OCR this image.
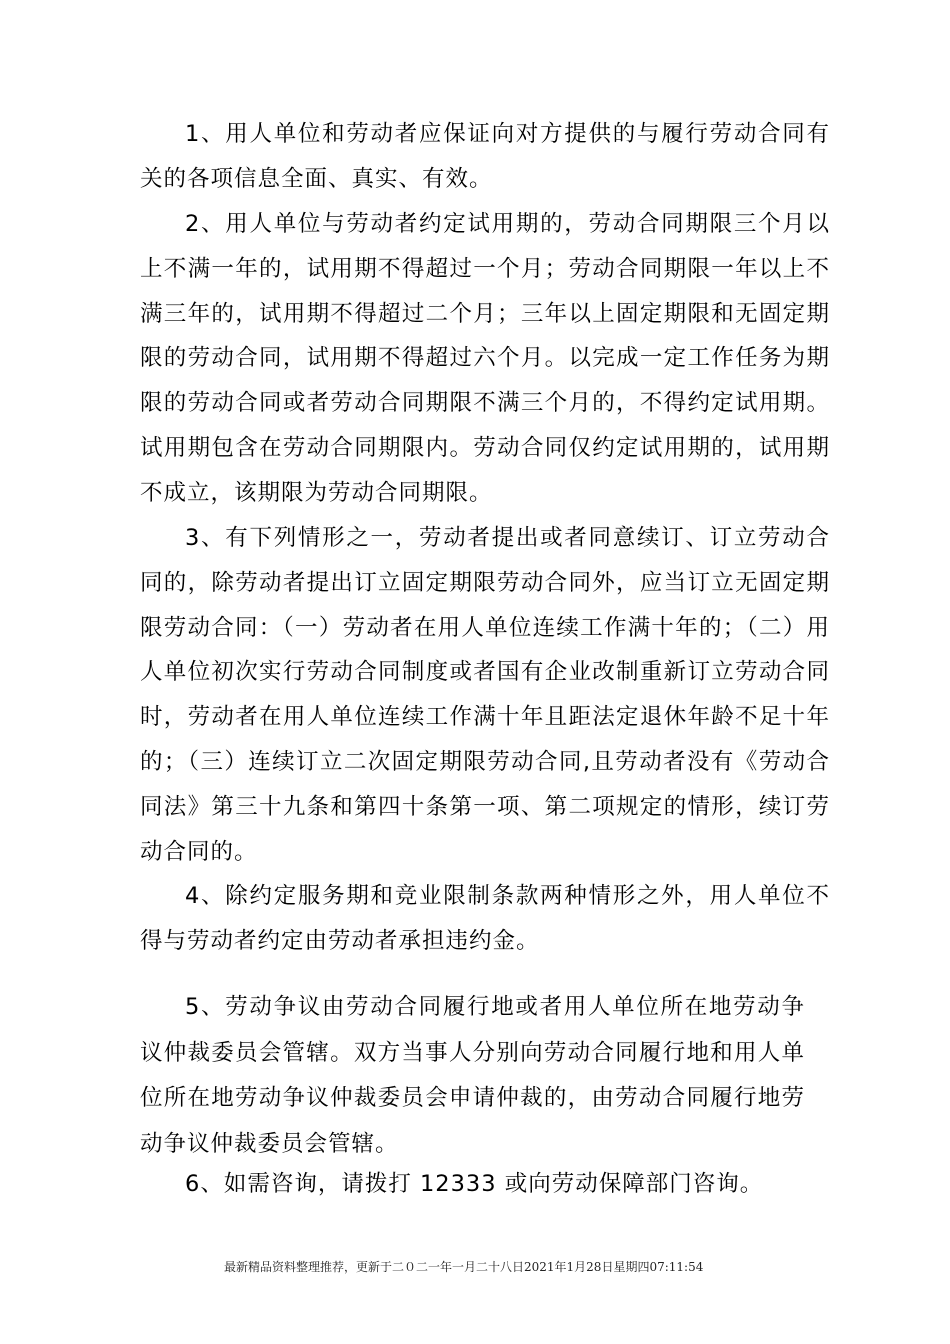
1、用人单位和劳动者应保证向对方提供的与履行劳动合同有关的各项信息全面、真实、有效。

2、用人单位与劳动者约定试用期的，劳动合同期限三个月以上不满一年的，试用期不得超过一个月；劳动合同期限一年以上不满三年的，试用期不得超过二个月；三年以上固定期限和无固定期限的劳动合同，试用期不得超过六个月。以完成一定工作任务为期限的劳动合同或者劳动合同期限不满三个月的，不得约定试用期。试用期包含在劳动合同期限内。劳动合同仅约定试用期的，试用期不成立，该期限为劳动合同期限。

3、有下列情形之一，劳动者提出或者同意续订、订立劳动合同的，除劳动者提出订立固定期限劳动合同外，应当订立无固定期限劳动合同：（一）劳动者在用人单位连续工作满十年的；（二）用人单位初次实行劳动合同制度或者国有企业改制重新订立劳动合同时，劳动者在用人单位连续工作满十年且距法定退休年龄不足十年的；（三）连续订立二次固定期限劳动合同,且劳动者没有《劳动合同法》第三十九条和第四十条第一项、第二项规定的情形，续订劳动合同的。

4、除约定服务期和竞业限制条款两种情形之外，用人单位不得与劳动者约定由劳动者承担违约金。

5、劳动争议由劳动合同履行地或者用人单位所在地劳动争议仲裁委员会管辖。双方当事人分别向劳动合同履行地和用人单位所在地劳动争议仲裁委员会申请仲裁的，由劳动合同履行地劳动争议仲裁委员会管辖。

6、如需咨询，请拨打 12333 或向劳动保障部门咨询。

最新精品资料整理推荐，更新于二０二一年一月二十八日2021年1月28日星期四07:11:54
